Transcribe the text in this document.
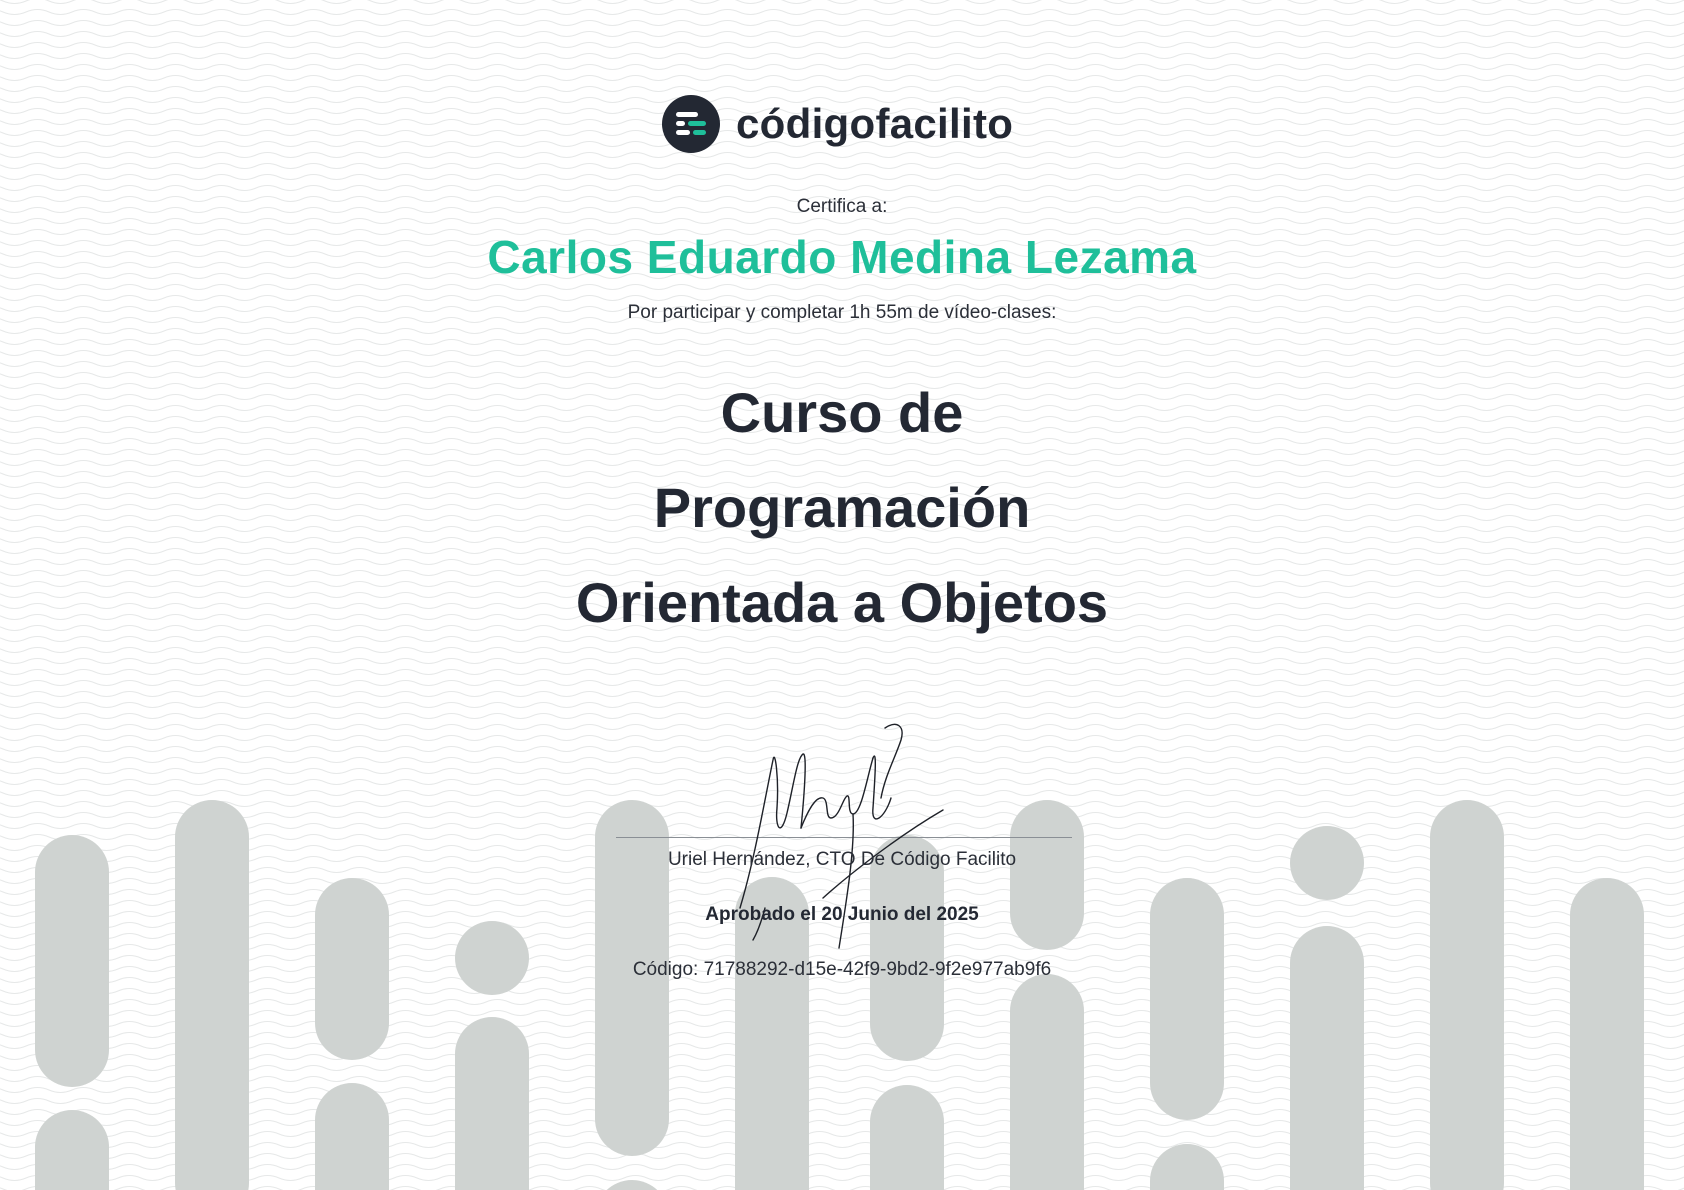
códigofacilito
Certifica a:
Carlos Eduardo Medina Lezama
Por participar y completar 1h 55m de vídeo-clases:
Curso de
Programación
Orientada a Objetos
Uriel Hernández, CTO De Código Facilito
Aprobado el 20 Junio del 2025
Código: 71788292-d15e-42f9-9bd2-9f2e977ab9f6
